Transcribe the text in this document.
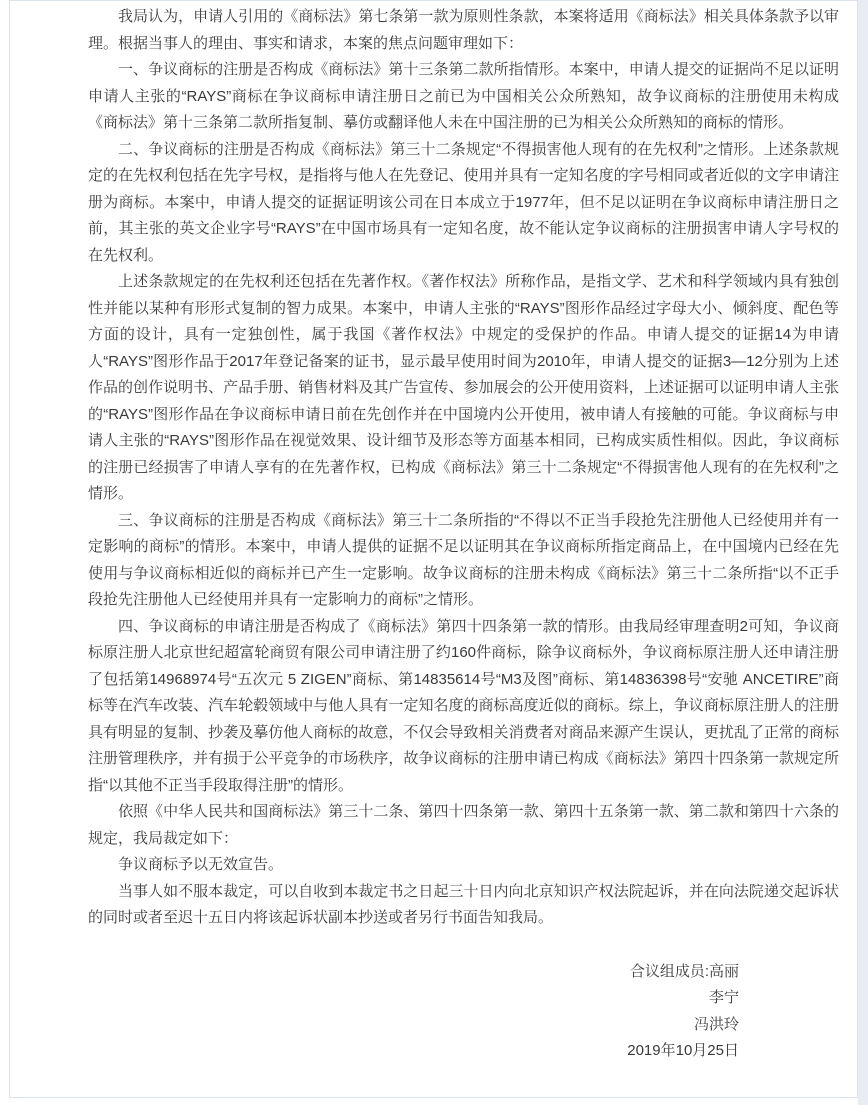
我局认为，申请人引用的《商标法》第七条第一款为原则性条款，本案将适用《商标法》相关具体条款予以审理。根据当事人的理由、事实和请求，本案的焦点问题审理如下：

一、争议商标的注册是否构成《商标法》第十三条第二款所指情形。本案中，申请人提交的证据尚不足以证明申请人主张的“RAYS”商标在争议商标申请注册日之前已为中国相关公众所熟知，故争议商标的注册使用未构成《商标法》第十三条第二款所指复制、摹仿或翻译他人未在中国注册的已为相关公众所熟知的商标的情形。

二、争议商标的注册是否构成《商标法》第三十二条规定“不得损害他人现有的在先权利”之情形。上述条款规定的在先权利包括在先字号权，是指将与他人在先登记、使用并具有一定知名度的字号相同或者近似的文字申请注册为商标。本案中，申请人提交的证据证明该公司在日本成立于1977年，但不足以证明在争议商标申请注册日之前，其主张的英文企业字号“RAYS”在中国市场具有一定知名度，故不能认定争议商标的注册损害申请人字号权的在先权利。

上述条款规定的在先权利还包括在先著作权。《著作权法》所称作品，是指文学、艺术和科学领域内具有独创性并能以某种有形形式复制的智力成果。本案中，申请人主张的“RAYS”图形作品经过字母大小、倾斜度、配色等方面的设计，具有一定独创性，属于我国《著作权法》中规定的受保护的作品。申请人提交的证据14为申请人“RAYS”图形作品于2017年登记备案的证书，显示最早使用时间为2010年，申请人提交的证据3—12分别为上述作品的创作说明书、产品手册、销售材料及其广告宣传、参加展会的公开使用资料，上述证据可以证明申请人主张的“RAYS”图形作品在争议商标申请日前在先创作并在中国境内公开使用，被申请人有接触的可能。争议商标与申请人主张的“RAYS”图形作品在视觉效果、设计细节及形态等方面基本相同，已构成实质性相似。因此，争议商标的注册已经损害了申请人享有的在先著作权，已构成《商标法》第三十二条规定“不得损害他人现有的在先权利”之情形。

三、争议商标的注册是否构成《商标法》第三十二条所指的“不得以不正当手段抢先注册他人已经使用并有一定影响的商标”的情形。本案中，申请人提供的证据不足以证明其在争议商标所指定商品上，在中国境内已经在先使用与争议商标相近似的商标并已产生一定影响。故争议商标的注册未构成《商标法》第三十二条所指“以不正手段抢先注册他人已经使用并具有一定影响力的商标”之情形。

四、争议商标的申请注册是否构成了《商标法》第四十四条第一款的情形。由我局经审理查明2可知，争议商标原注册人北京世纪超富轮商贸有限公司申请注册了约160件商标，除争议商标外，争议商标原注册人还申请注册了包括第14968974号“五次元 5 ZIGEN”商标、第14835614号“M3及图”商标、第14836398号“安驰 ANCETIRE”商标等在汽车改装、汽车轮毂领域中与他人具有一定知名度的商标高度近似的商标。综上，争议商标原注册人的注册具有明显的复制、抄袭及摹仿他人商标的故意，不仅会导致相关消费者对商品来源产生误认，更扰乱了正常的商标注册管理秩序，并有损于公平竞争的市场秩序，故争议商标的注册申请已构成《商标法》第四十四条第一款规定所指“以其他不正当手段取得注册”的情形。

依照《中华人民共和国商标法》第三十二条、第四十四条第一款、第四十五条第一款、第二款和第四十六条的规定，我局裁定如下：

争议商标予以无效宣告。

当事人如不服本裁定，可以自收到本裁定书之日起三十日内向北京知识产权法院起诉，并在向法院递交起诉状的同时或者至迟十五日内将该起诉状副本抄送或者另行书面告知我局。

合议组成员:高丽
李宁
冯洪玲
2019年10月25日
